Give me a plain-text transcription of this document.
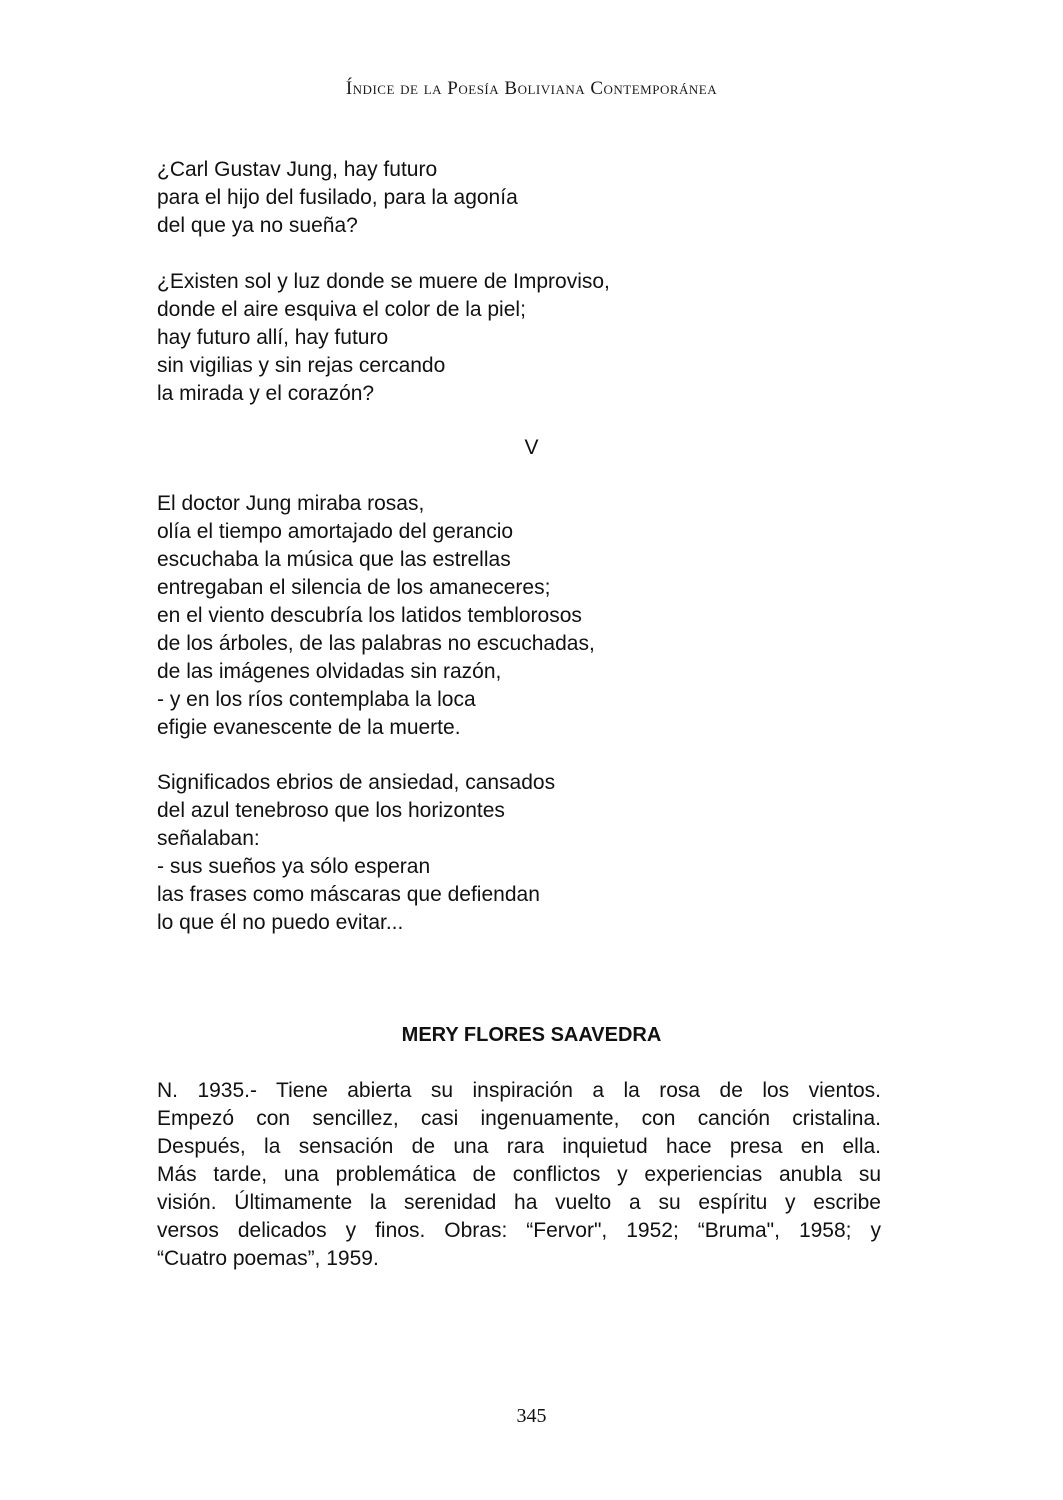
Índice de la Poesía Boliviana Contemporánea
¿Carl Gustav Jung, hay futuro
para el hijo del fusilado, para la agonía
del que ya no sueña?
¿Existen sol y luz donde se muere de Improviso,
donde el aire esquiva el color de la piel;
hay futuro allí, hay futuro
sin vigilias y sin rejas cercando
la mirada y el corazón?
V
El doctor Jung miraba rosas,
olía el tiempo amortajado del gerancio
escuchaba la música que las estrellas
entregaban el silencia de los amaneceres;
en el viento descubría los latidos temblorosos
de los árboles, de las palabras no escuchadas,
de las imágenes olvidadas sin razón,
- y en los ríos contemplaba la loca
efigie evanescente de la muerte.
Significados ebrios de ansiedad, cansados
del azul tenebroso que los horizontes
señalaban:
- sus sueños ya sólo esperan
las frases como máscaras que defiendan
lo que él no puedo evitar...
MERY FLORES SAAVEDRA
N. 1935.- Tiene abierta su inspiración a la rosa de los vientos.
Empezó con sencillez, casi ingenuamente, con canción cristalina.
Después, la sensación de una rara inquietud hace presa en ella.
Más tarde, una problemática de conflictos y experiencias anubla su
visión. Últimamente la serenidad ha vuelto a su espíritu y escribe
versos delicados y finos. Obras: “Fervor", 1952; “Bruma", 1958; y
“Cuatro poemas”, 1959.
345
